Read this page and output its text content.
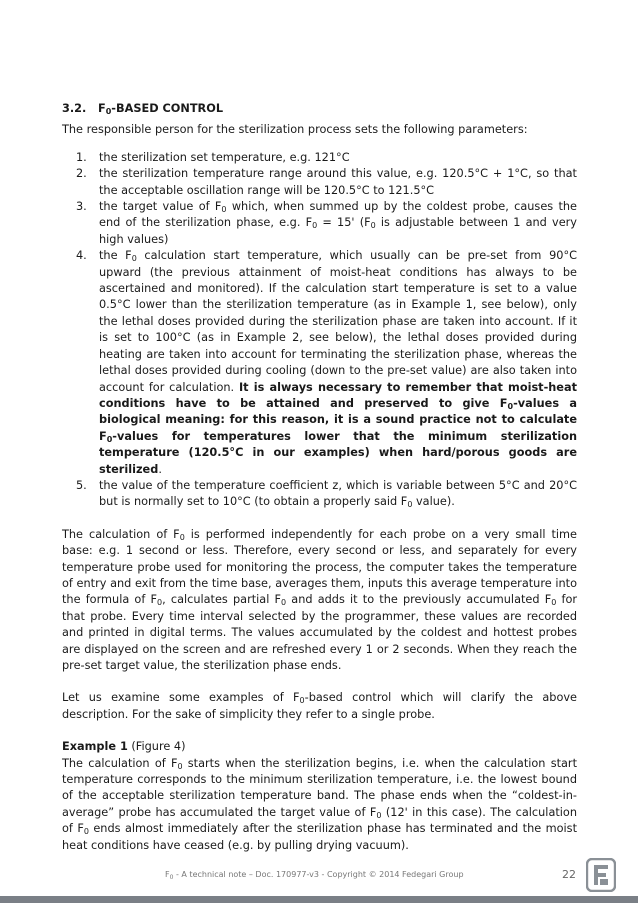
3.2. $F_0$-BASED CONTROL

The responsible person for the sterilization process sets the following parameters:

1. the sterilization set temperature, e.g. 121°C
2. the sterilization temperature range around this value, e.g. 120.5°C + 1°C, so that the acceptable oscillation range will be 120.5°C to 121.5°C
3. the target value of $F_0$ which, when summed up by the coldest probe, causes the end of the sterilization phase, e.g. $F_0 = 15'$ ($F_0$ is adjustable between 1 and very high values)
4. the $F_0$ calculation start temperature, which usually can be pre-set from 90°C upward (the previous attainment of moist-heat conditions has always to be ascertained and monitored). If the calculation start temperature is set to a value 0.5°C lower than the sterilization temperature (as in Example 1, see below), only the lethal doses provided during the sterilization phase are taken into account. If it is set to 100°C (as in Example 2, see below), the lethal doses provided during heating are taken into account for terminating the sterilization phase, whereas the lethal doses provided during cooling (down to the pre-set value) are also taken into account for calculation. It is always necessary to remember that moist-heat conditions have to be attained and preserved to give $F_0$-values a biological meaning: for this reason, it is a sound practice not to calculate $F_0$-values for temperatures lower that the minimum sterilization temperature (120.5°C in our examples) when hard/porous goods are sterilized.
5. the value of the temperature coefficient z, which is variable between 5°C and 20°C but is normally set to 10°C (to obtain a properly said $F_0$ value).

The calculation of $F_0$ is performed independently for each probe on a very small time base: e.g. 1 second or less. Therefore, every second or less, and separately for every temperature probe used for monitoring the process, the computer takes the temperature of entry and exit from the time base, averages them, inputs this average temperature into the formula of $F_0$, calculates partial $F_0$ and adds it to the previously accumulated $F_0$ for that probe. Every time interval selected by the programmer, these values are recorded and printed in digital terms. The values accumulated by the coldest and hottest probes are displayed on the screen and are refreshed every 1 or 2 seconds. When they reach the pre-set target value, the sterilization phase ends.

Let us examine some examples of $F_0$-based control which will clarify the above description. For the sake of simplicity they refer to a single probe.

Example 1 (Figure 4)

The calculation of $F_0$ starts when the sterilization begins, i.e. when the calculation start temperature corresponds to the minimum sterilization temperature, i.e. the lowest bound of the acceptable sterilization temperature band. The phase ends when the “coldest-in-average” probe has accumulated the target value of $F_0$ (12' in this case). The calculation of $F_0$ ends almost immediately after the sterilization phase has terminated and the moist heat conditions have ceased (e.g. by pulling drying vacuum).

$F_0$ - A technical note – Doc. 170977-v3 - Copyright © 2014 Fedegari Group	22
